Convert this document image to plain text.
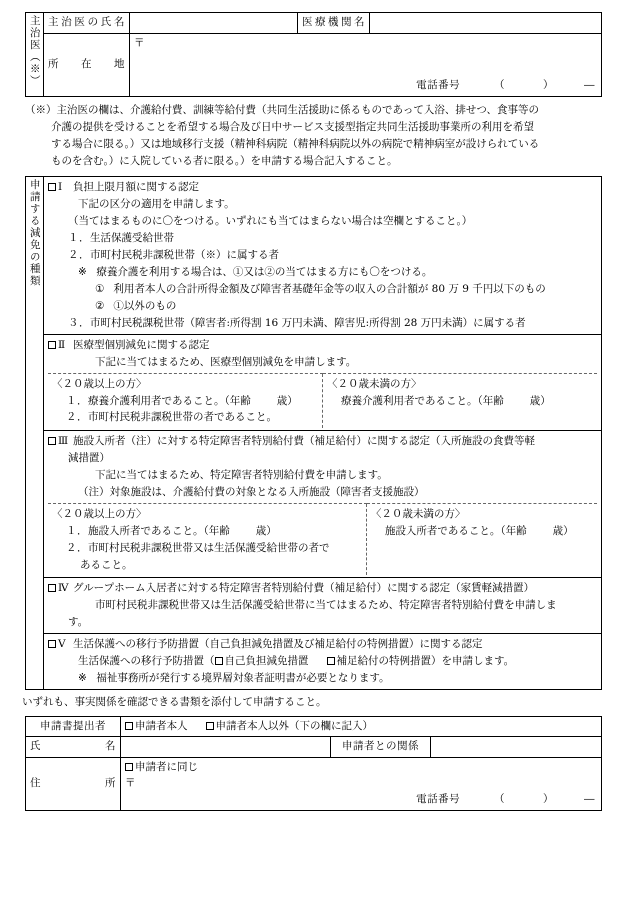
主治医（※）	主治医の氏名		医療機関名	
	所　在　地	〒
電話番号 （ ） ―		

（※）主治医の欄は、介護給付費、訓練等給付費（共同生活援助に係るものであって入浴、排せつ、食事等の

介護の提供を受けることを希望する場合及び日中サービス支援型指定共同生活援助事業所の利用を希望

する場合に限る。）又は地域移行支援（精神科病院（精神科病院以外の病院で精神病室が設けられている

ものを含む。）に入院している者に限る。）を申請する場合記入すること。

申請する減免の種類	Ⅰ 負担上限月額に関する認定
下記の区分の適用を申請します。
（当てはまるものに〇をつける。いずれにも当てはまらない場合は空欄とすること。）
１．生活保護受給世帯
２．市町村民税非課税世帯（※）に属する者
※ 療養介護を利用する場合は、①又は②の当てはまる方にも〇をつける。
① 利用者本人の合計所得金額及び障害者基礎年金等の収入の合計額が 80 万 9 千円以下のもの
② ①以外のもの
３．市町村民税課税世帯（障害者:所得割 16 万円未満、障害児:所得割 28 万円未満）に属する者

Ⅱ 医療型個別減免に関する認定
下記に当てはまるため、医療型個別減免を申請します。
〈２０歳以上の方〉
１．療養介護利用者であること。（年齢 歳）
２．市町村民税非課税世帯の者であること。

〈２０歳未満の方〉
療養介護利用者であること。（年齢 歳）

Ⅲ 施設入所者（注）に対する特定障害者特別給付費（補足給付）に関する認定（入所施設の食費等軽
減措置）
下記に当てはまるため、特定障害者特別給付費を申請します。
（注）対象施設は、介護給付費の対象となる入所施設（障害者支援施設）
〈２０歳以上の方〉
１．施設入所者であること。（年齢 歳）
２．市町村民税非課税世帯又は生活保護受給世帯の者で
あること。

〈２０歳未満の方〉
施設入所者であること。（年齢 歳）

Ⅳ グループホーム入居者に対する特定障害者特別給付費（補足給付）に関する認定（家賃軽減措置）
市町村民税非課税世帯又は生活保護受給世帯に当てはまるため、特定障害者特別給付費を申請しま
す。

Ⅴ 生活保護への移行予防措置（自己負担減免措置及び補足給付の特例措置）に関する認定
生活保護への移行予防措置（ 自己負担減免措置	補足給付の特例措置）を申請します。
※ 福祉事務所が発行する境界層対象者証明書が必要となります。
いずれも、事実関係を確認できる書類を添付して申請すること。
申請書提出者	申請者本人 申請者本人以外（下の欄に記入）		
氏　　　名		申請者との関係	
住　　　所	申請者に同じ
〒
電話番号 （ ） ―		
